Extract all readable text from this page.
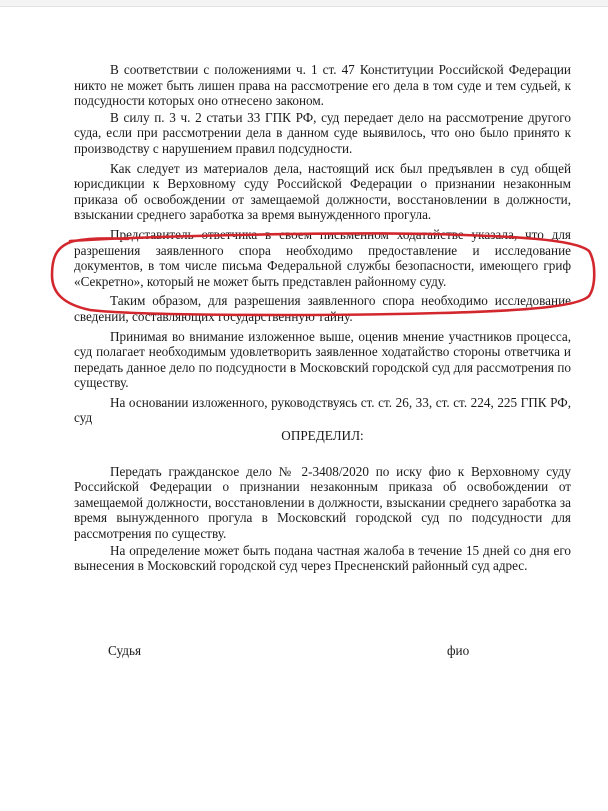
В соответствии с положениями ч. 1 ст. 47 Конституции Российской Федерации никто не может быть лишен права на рассмотрение его дела в том суде и тем судьей, к подсудности которых оно отнесено законом.

В силу п. 3 ч. 2 статьи 33 ГПК РФ, суд передает дело на рассмотрение другого суда, если при рассмотрении дела в данном суде выявилось, что оно было принято к производству с нарушением правил подсудности.

Как следует из материалов дела, настоящий иск был предъявлен в суд общей юрисдикции к Верховному суду Российской Федерации о признании незаконным приказа об освобождении от замещаемой должности, восстановлении в должности, взыскании среднего заработка за время вынужденного прогула.

Представитель ответчика в своем письменном ходатайстве указала, что для разрешения заявленного спора необходимо предоставление и исследование документов, в том числе письма Федеральной службы безопасности, имеющего гриф «Секретно», который не может быть представлен районному суду.

Таким образом, для разрешения заявленного спора необходимо исследование сведений, составляющих государственную тайну.

Принимая во внимание изложенное выше, оценив мнение участников процесса, суд полагает необходимым удовлетворить заявленное ходатайство стороны ответчика и передать данное дело по подсудности в Московский городской суд для рассмотрения по существу.

На основании изложенного, руководствуясь ст. ст. 26, 33, ст. ст. 224, 225 ГПК РФ, суд

ОПРЕДЕЛИЛ:

Передать гражданское дело № 2-3408/2020 по иску фио к Верховному суду Российской Федерации о признании незаконным приказа об освобождении от замещаемой должности, восстановлении в должности, взыскании среднего заработка за время вынужденного прогула в Московский городской суд по подсудности для рассмотрения по существу.

На определение может быть подана частная жалоба в течение 15 дней со дня его вынесения в Московский городской суд через Пресненский районный суд адрес.

Судья	фио
